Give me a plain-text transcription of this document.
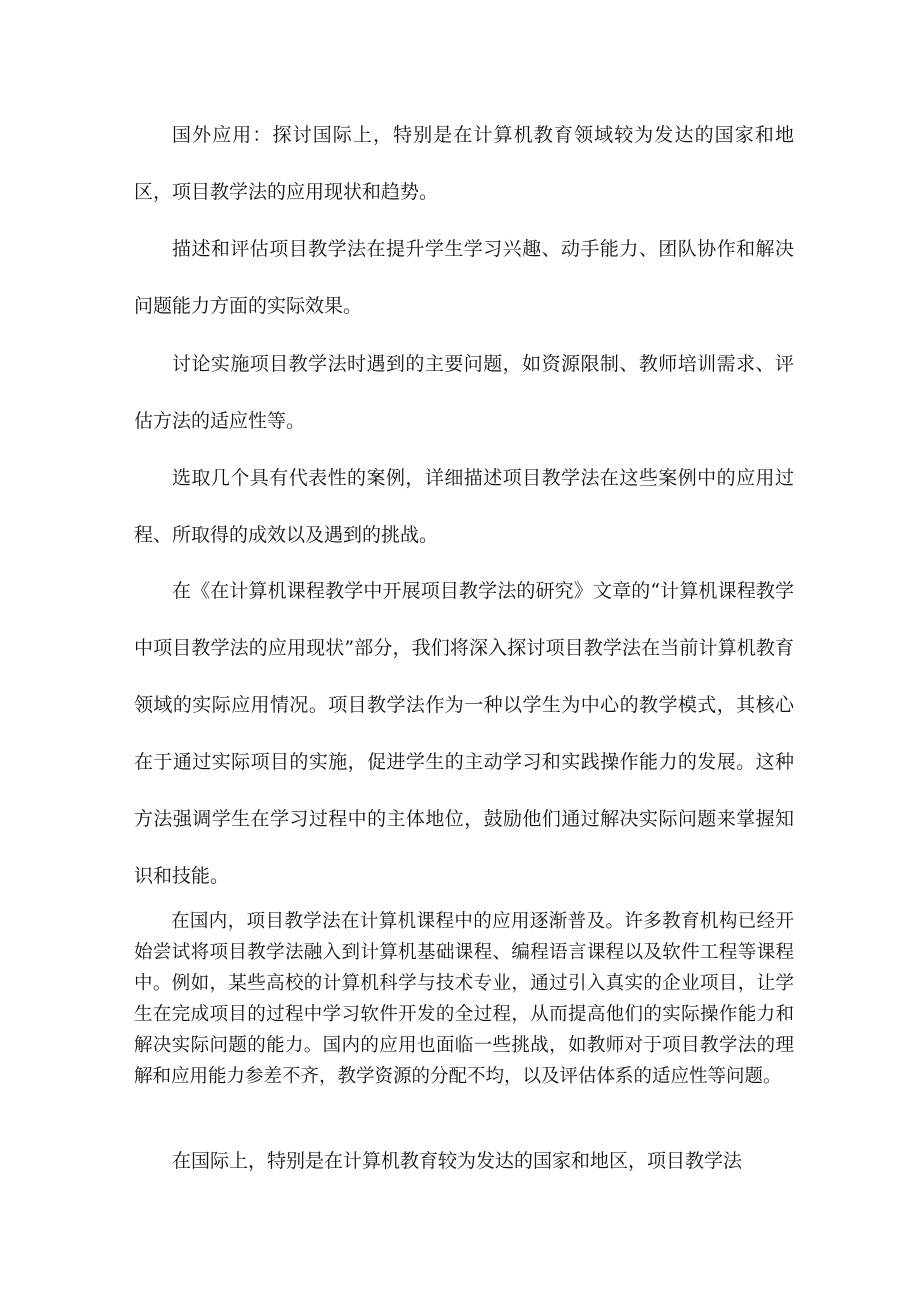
国外应用：探讨国际上，特别是在计算机教育领域较为发达的国家和地区，项目教学法的应用现状和趋势。

描述和评估项目教学法在提升学生学习兴趣、动手能力、团队协作和解决问题能力方面的实际效果。

讨论实施项目教学法时遇到的主要问题，如资源限制、教师培训需求、评估方法的适应性等。

选取几个具有代表性的案例，详细描述项目教学法在这些案例中的应用过程、所取得的成效以及遇到的挑战。

在《在计算机课程教学中开展项目教学法的研究》文章的“计算机课程教学中项目教学法的应用现状”部分，我们将深入探讨项目教学法在当前计算机教育领域的实际应用情况。项目教学法作为一种以学生为中心的教学模式，其核心在于通过实际项目的实施，促进学生的主动学习和实践操作能力的发展。这种方法强调学生在学习过程中的主体地位，鼓励他们通过解决实际问题来掌握知识和技能。

在国内，项目教学法在计算机课程中的应用逐渐普及。许多教育机构已经开始尝试将项目教学法融入到计算机基础课程、编程语言课程以及软件工程等课程中。例如，某些高校的计算机科学与技术专业，通过引入真实的企业项目，让学生在完成项目的过程中学习软件开发的全过程，从而提高他们的实际操作能力和解决实际问题的能力。国内的应用也面临一些挑战，如教师对于项目教学法的理解和应用能力参差不齐，教学资源的分配不均，以及评估体系的适应性等问题。

在国际上，特别是在计算机教育较为发达的国家和地区，项目教学法
